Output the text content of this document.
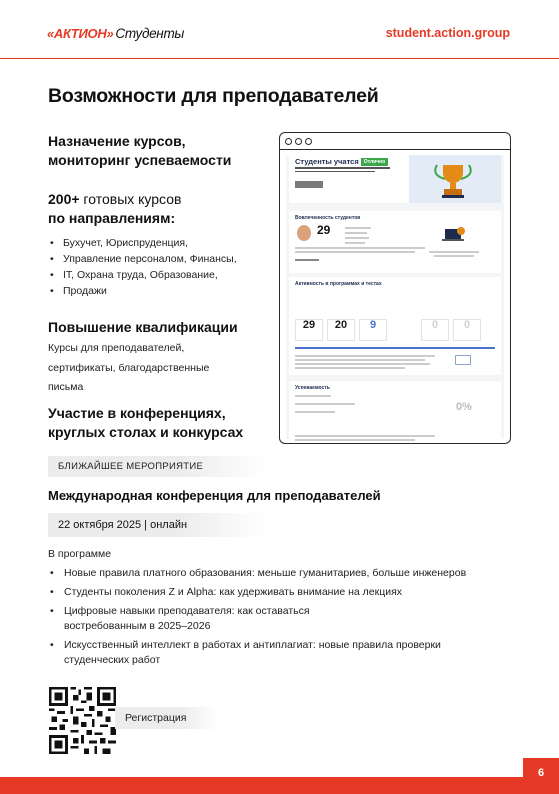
«АКТИОН» Студенты	student.action.group
Возможности для преподавателей
Назначение курсов,
мониторинг успеваемости
200+ готовых курсов
по направлениям:
• Бухучет, Юриспруденция,
• Управление персоналом, Финансы,
• IT, Охрана труда, Образование,
• Продажи
Повышение квалификации
Курсы для преподавателей,
сертификаты, благодарственные
письма
Участие в конференциях,
круглых столах и конкурсах
Студенты учатся Отлично
Вовлеченность студентов
29
Активность в программах и тестах
29	20	9	0	0
Успеваемость
0%
БЛИЖАЙШЕЕ МЕРОПРИЯТИЕ
Международная конференция для преподавателей
22 октября 2025 | онлайн
В программе
• Новые правила платного образования: меньше гуманитариев, больше инженеров
• Студенты поколения Z и Alpha: как удерживать внимание на лекциях
• Цифровые навыки преподавателя: как оставаться востребованным в 2025–2026
• Искусственный интеллект в работах и антиплагиат: новые правила проверки студенческих работ
Регистрация
6
